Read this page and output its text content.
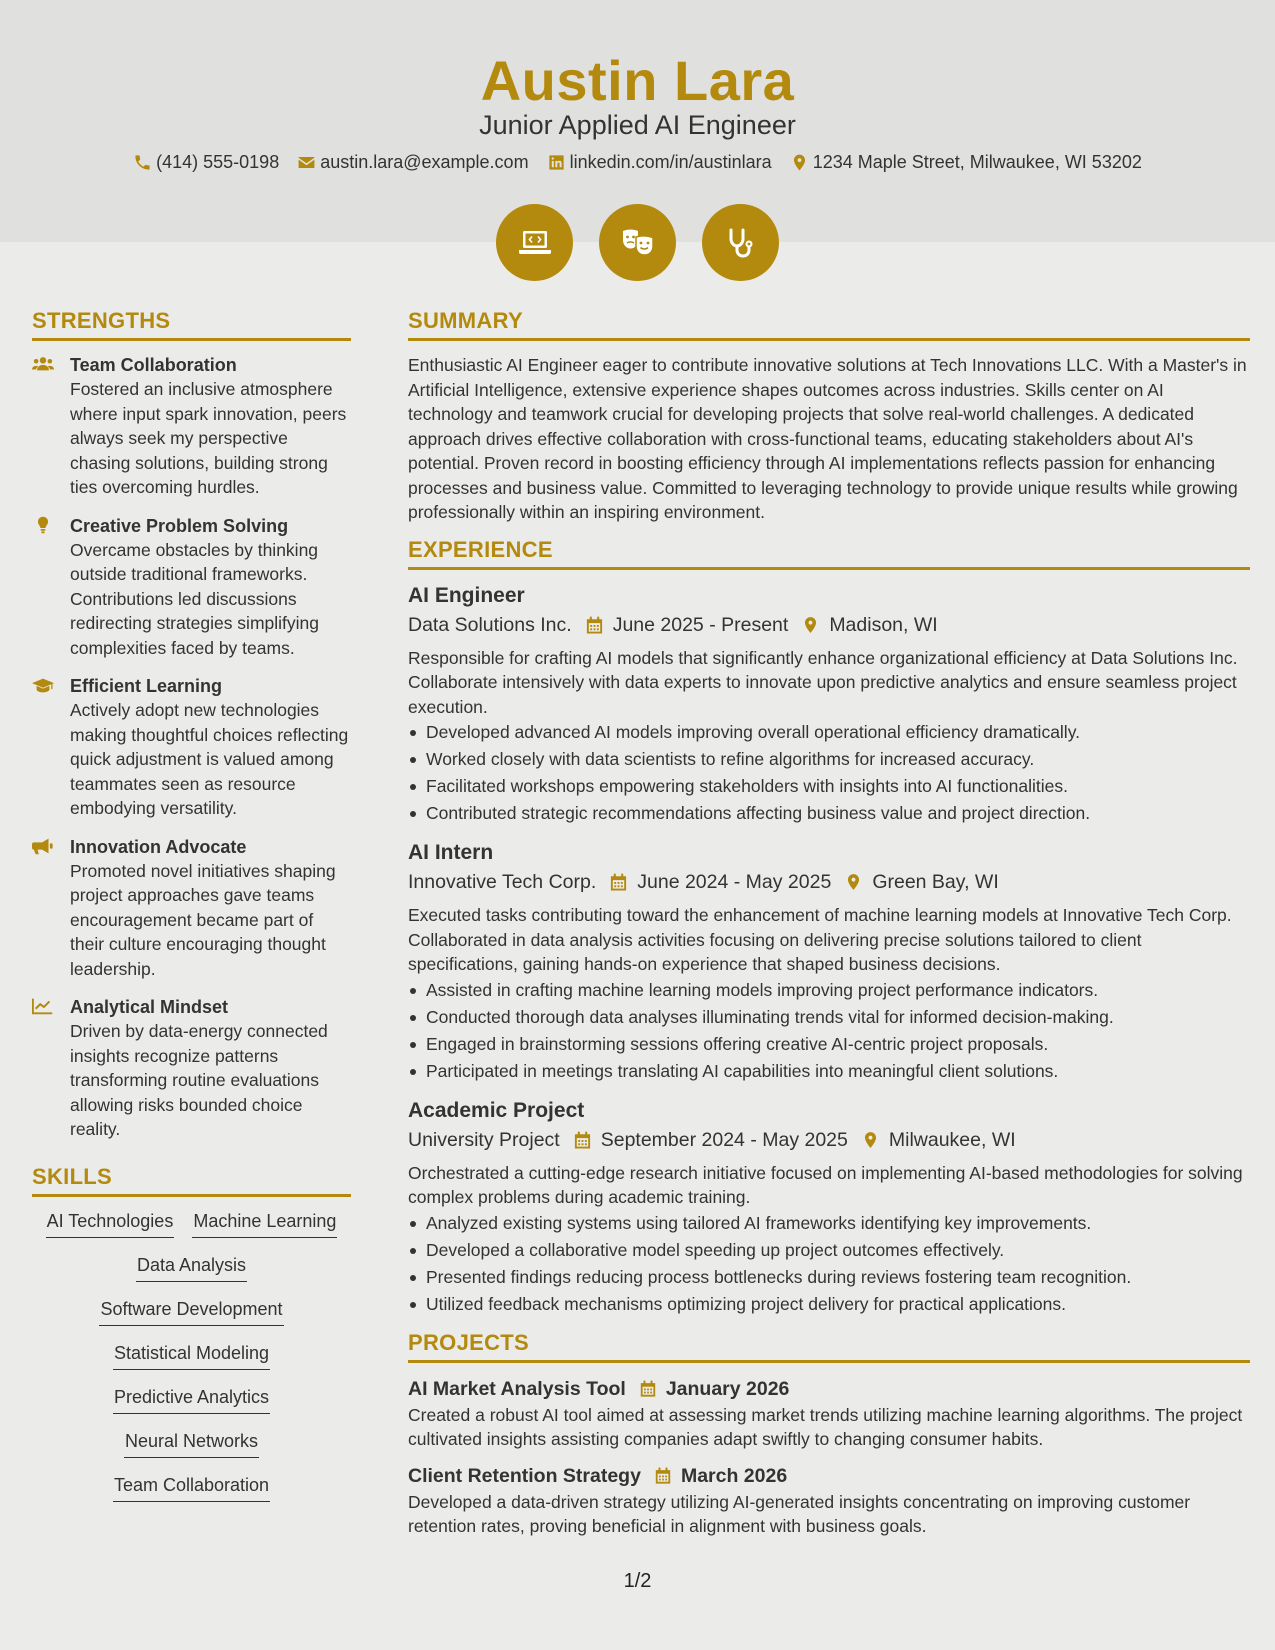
Austin Lara
Junior Applied AI Engineer
(414) 555-0198 austin.lara@example.com linkedin.com/in/austinlara 1234 Maple Street, Milwaukee, WI 53202
STRENGTHS
Team Collaboration
Fostered an inclusive atmosphere where input spark innovation, peers always seek my perspective chasing solutions, building strong ties overcoming hurdles.
Creative Problem Solving
Overcame obstacles by thinking outside traditional frameworks. Contributions led discussions redirecting strategies simplifying complexities faced by teams.
Efficient Learning
Actively adopt new technologies making thoughtful choices reflecting quick adjustment is valued among teammates seen as resource embodying versatility.
Innovation Advocate
Promoted novel initiatives shaping project approaches gave teams encouragement became part of their culture encouraging thought leadership.
Analytical Mindset
Driven by data-energy connected insights recognize patterns transforming routine evaluations allowing risks bounded choice reality.
SKILLS
AI Technologies Machine Learning
Data Analysis
Software Development
Statistical Modeling
Predictive Analytics
Neural Networks
Team Collaboration
SUMMARY
Enthusiastic AI Engineer eager to contribute innovative solutions at Tech Innovations LLC. With a Master's in Artificial Intelligence, extensive experience shapes outcomes across industries. Skills center on AI technology and teamwork crucial for developing projects that solve real-world challenges. A dedicated approach drives effective collaboration with cross-functional teams, educating stakeholders about AI's potential. Proven record in boosting efficiency through AI implementations reflects passion for enhancing processes and business value. Committed to leveraging technology to provide unique results while growing professionally within an inspiring environment.
EXPERIENCE
AI Engineer
Data Solutions Inc. June 2025 - Present Madison, WI
Responsible for crafting AI models that significantly enhance organizational efficiency at Data Solutions Inc. Collaborate intensively with data experts to innovate upon predictive analytics and ensure seamless project execution.
Developed advanced AI models improving overall operational efficiency dramatically.
Worked closely with data scientists to refine algorithms for increased accuracy.
Facilitated workshops empowering stakeholders with insights into AI functionalities.
Contributed strategic recommendations affecting business value and project direction.
AI Intern
Innovative Tech Corp. June 2024 - May 2025 Green Bay, WI
Executed tasks contributing toward the enhancement of machine learning models at Innovative Tech Corp. Collaborated in data analysis activities focusing on delivering precise solutions tailored to client specifications, gaining hands-on experience that shaped business decisions.
Assisted in crafting machine learning models improving project performance indicators.
Conducted thorough data analyses illuminating trends vital for informed decision-making.
Engaged in brainstorming sessions offering creative AI-centric project proposals.
Participated in meetings translating AI capabilities into meaningful client solutions.
Academic Project
University Project September 2024 - May 2025 Milwaukee, WI
Orchestrated a cutting-edge research initiative focused on implementing AI-based methodologies for solving complex problems during academic training.
Analyzed existing systems using tailored AI frameworks identifying key improvements.
Developed a collaborative model speeding up project outcomes effectively.
Presented findings reducing process bottlenecks during reviews fostering team recognition.
Utilized feedback mechanisms optimizing project delivery for practical applications.
PROJECTS
AI Market Analysis Tool January 2026
Created a robust AI tool aimed at assessing market trends utilizing machine learning algorithms. The project cultivated insights assisting companies adapt swiftly to changing consumer habits.
Client Retention Strategy March 2026
Developed a data-driven strategy utilizing AI-generated insights concentrating on improving customer retention rates, proving beneficial in alignment with business goals.
1/2
